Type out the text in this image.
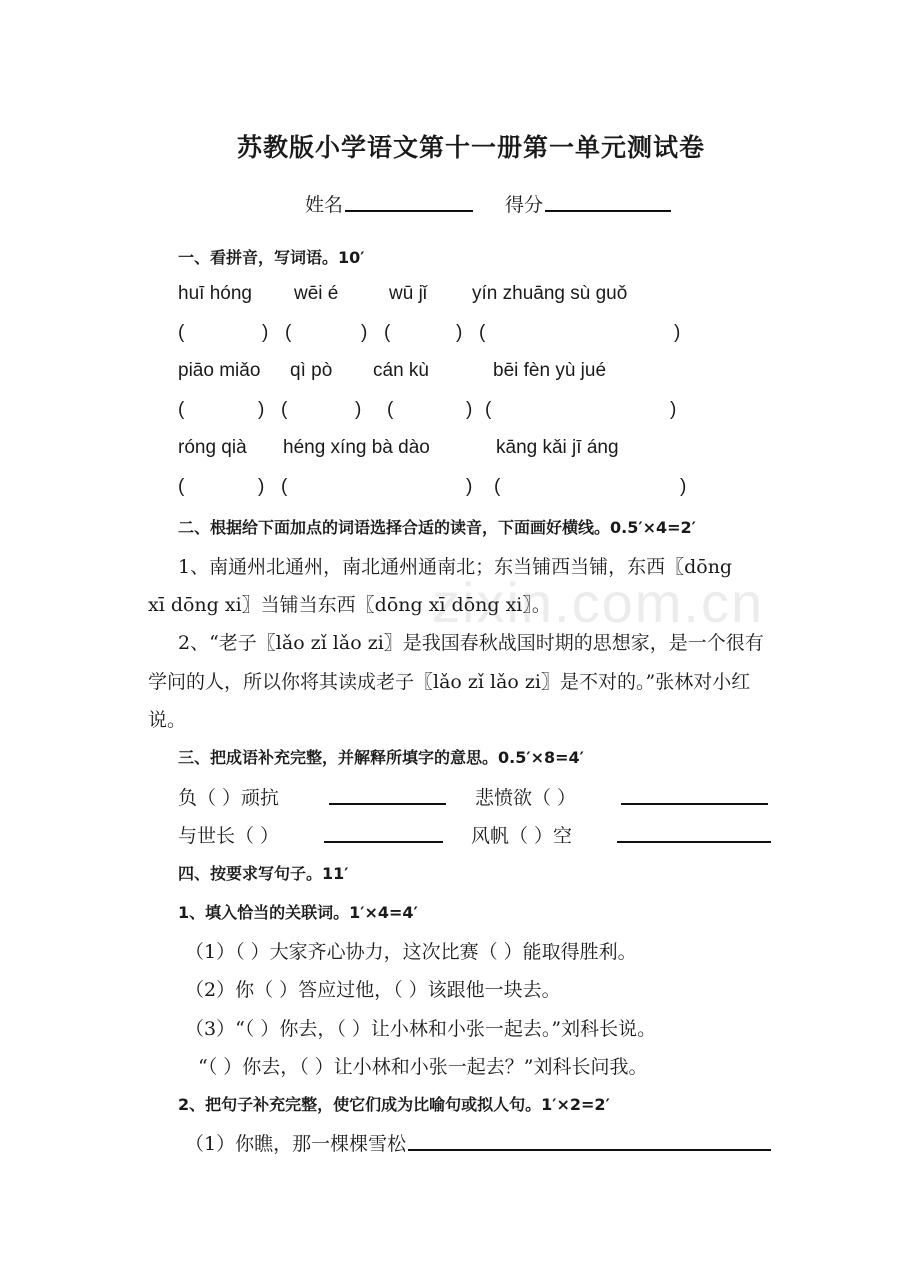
zixin.com.cn
苏教版小学语文第十一册第一单元测试卷
姓名	得分
一、看拼音，写词语。10′
huī hóng wēi é	wū jǐ yín zhuāng sù guǒ
(	) (	) (	) (	)
piāo miǎo qì pò cán kù	bēi fèn yù jué
(	) (	) (	) (	)
róng qià héng xíng bà dào	kāng kǎi jī áng
(	) (	) (	)
二、根据给下面加点的词语选择合适的读音，下面画好横线。0.5′×4=2′
1、南通州北通州，南北通州通南北；东当铺西当铺，东西〖dōng
xī dōng xi〗当铺当东西〖dōng xī dōng xi〗。
2、“老子〖lǎo zǐ lǎo zi〗是我国春秋战国时期的思想家，是一个很有
学问的人，所以你将其读成老子〖lǎo zǐ lǎo zi〗是不对的。”张林对小红
说。
三、把成语补充完整，并解释所填字的意思。0.5′×8=4′
负（ ）顽抗	悲愤欲（ ）
与世长（ ）	风帆（ ）空
四、按要求写句子。11′
1、填入恰当的关联词。1′×4=4′
（1）（ ）大家齐心协力，这次比赛（ ）能取得胜利。
（2）你（ ）答应过他，（ ）该跟他一块去。
（3）“（ ）你去，（ ）让小林和小张一起去。”刘科长说。
“（ ）你去，（ ）让小林和小张一起去？”刘科长问我。
2、把句子补充完整，使它们成为比喻句或拟人句。1′×2=2′
（1）你瞧，那一棵棵雪松
